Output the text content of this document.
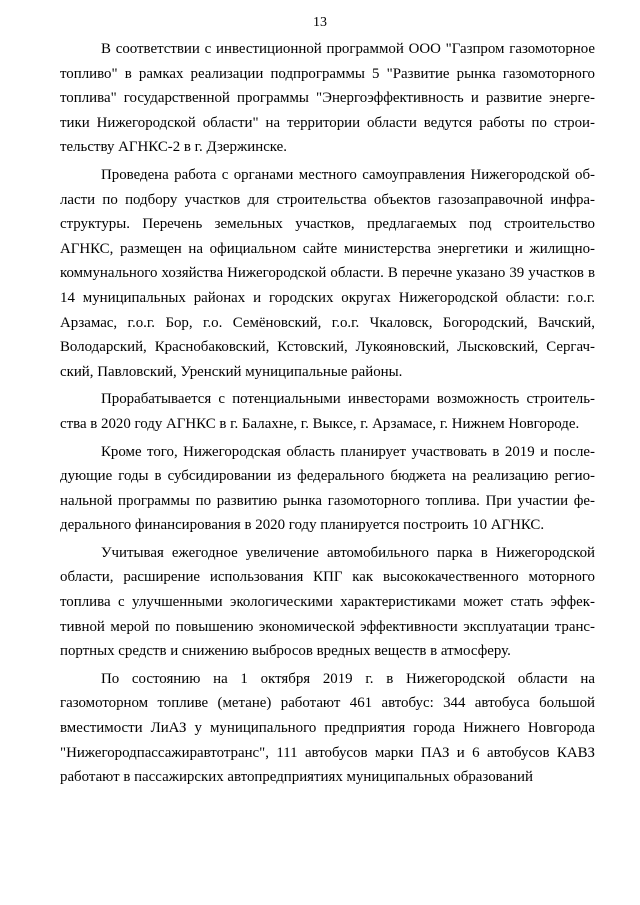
13

В соответствии с инвестиционной программой ООО "Газпром газомоторное топливо" в рамках реализации подпрограммы 5 "Развитие рынка газомоторного топлива" государственной программы "Энергоэффективность и развитие энергетики Нижегородской области" на территории области ведутся работы по строительству АГНКС-2 в г. Дзержинске.

Проведена работа с органами местного самоуправления Нижегородской области по подбору участков для строительства объектов газозаправочной инфраструктуры. Перечень земельных участков, предлагаемых под строительство АГНКС, размещен на официальном сайте министерства энергетики и жилищно-коммунального хозяйства Нижегородской области. В перечне указано 39 участков в 14 муниципальных районах и городских округах Нижегородской области: г.о.г. Арзамас, г.о.г. Бор, г.о. Семёновский, г.о.г. Чкаловск, Богородский, Вачский, Володарский, Краснобаковский, Кстовский, Лукояновский, Лысковский, Сергачский, Павловский, Уренский муниципальные районы.

Прорабатывается с потенциальными инвесторами возможность строительства в 2020 году АГНКС в г. Балахне, г. Выксе, г. Арзамасе, г. Нижнем Новгороде.

Кроме того, Нижегородская область планирует участвовать в 2019 и последующие годы в субсидировании из федерального бюджета на реализацию региональной программы по развитию рынка газомоторного топлива. При участии федерального финансирования в 2020 году планируется построить 10 АГНКС.

Учитывая ежегодное увеличение автомобильного парка в Нижегородской области, расширение использования КПГ как высококачественного моторного топлива с улучшенными экологическими характеристиками может стать эффективной мерой по повышению экономической эффективности эксплуатации транспортных средств и снижению выбросов вредных веществ в атмосферу.

По состоянию на 1 октября 2019 г. в Нижегородской области на газомоторном топливе (метане) работают 461 автобус: 344 автобуса большой вместимости ЛиАЗ у муниципального предприятия города Нижнего Новгорода "Нижегородпассажиравтотранс", 111 автобусов марки ПАЗ и 6 автобусов КАВЗ работают в пассажирских автопредприятиях муниципальных образований
